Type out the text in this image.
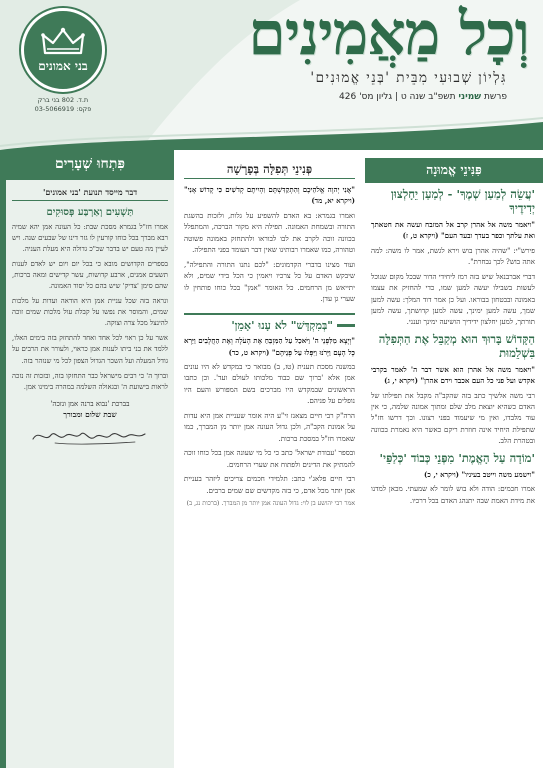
בני אמונים
ת.ד. 802 בני ברק
פקס: 03-5066919
וְכָל מַאֲמִינִים
גִּלְיוֹן שְׁבוּעִי מִבֵּית 'בְּנֵי אֱמוּנִים'
פרשת שמיני תשפ"ב שנה ט | גליון מס' 426
פִּנִּינֵי אֱמוּנָה
'עֲשֵׂה לְמַעַן שְׁמֶךָ' - לְמַעַן יֵחָלְצוּן יְדִידֶיךָ

"ויאמר משה אל אהרן קרב אל המזבח ועשה את חטאתך ואת עלתך וכפר בעדך ובעד העם" (ויקרא ט, ז)

פירש"י: "שהיה אהרן בוש וירא לגשת, אמר לו משה: למה אתה בוש? לכך נבחרת".

דברי אברבנאל שיש בזה רמז ליחידי הדור שבכל מקום שנוכל לעשות בשבילו יעשה למען שמו, כדי להחזיק את עצמו באמונה ובבטחון בבוראו. ועל כן אמר דוד המלך: עשה למען שמך, עשה למען ימינך, עשה למען קדושתך, עשה למען תורתך, למען יחלצון ידידיך הושיעה ימינך וענני.

הַקָּדוֹשׁ בָּרוּךְ הוּא מְקַבֵּל אֶת הַתְּפִלָּה בִּשְׁלֵמוּת

"ויאמר משה אל אהרן הוא אשר דבר ה' לאמר בקרבי אקדש ועל פני כל העם אכבד וידם אהרן" (ויקרא י, ג)

רבי משה אלשיך כתב בזה שהקב"ה מקבל את תפילתו של האדם כשהיא יוצאת מלב שלם ומתוך אמונה שלמה, כי אין עוד מלבדו, ואין מי שיעמוד בפני רצונו. וכך דרשו חז"ל שתפילת היחיד אינה חוזרת ריקם כאשר היא נאמרת בכוונה ובטהרת הלב.

'מוֹדָה עַל הָאֱמֶת' מִפְּנֵי כְּבוֹד 'כְּלַפֵּי'

"וישמע משה וייטב בעיניו" (ויקרא י, כ)

אמרו חכמים: הודה ולא בוש לומר לא שמעתי. מכאן למדנו את מידת האמת שבה יתנהג האדם בכל דרכיו.

פְּנִינֵי תְּפִלָּה בְּפָרָשָׁה

"אֲנִי יְהוָה אֱלֹהֵיכֶם וְהִתְקַדִּשְׁתֶּם וִהְיִיתֶם קְדֹשִׁים כִּי קָדוֹשׁ אָנִי" (ויקרא יא, מד)

ואמרו בגמרא: בא האדם להשפיע על גלות, ולזכות בהשגת התורה ובשמחת האמונה. תפילה היא מקור הברכה, והמתפלל בכוונה זוכה לקרב את לבו לבוראו ולהתחזק באמונה פשוטה וטהורה, כמו שאמרו רבותינו שאין דבר העומד בפני התפילה.

ועוד מצינו בדברי הקדמונים: "לכם נתנו התורה והתפילה", שיבקש האדם על כל צרכיו ויאמין כי הכל בידי שמים, ולא יתייאש מן הרחמים. כל האומר "אמן" בכל כוחו פותחין לו שערי גן עדן.

"בְּמִקְדָּשׁ" לֹא עָנוּ 'אָמֵן'

"וְיָצָא מִלִּפְנֵי ה' וַיֹּאכַל עַל הַמִּזְבֵּחַ אֶת הָעֹלָה וְאֶת הַחֲלָבִים וַיַּרְא כָּל הָעָם וַיָּרֹנּוּ וַיִּפְּלוּ עַל פְּנֵיהֶם" (ויקרא ט, כד)

במשנה מסכת תענית (טז, ב) מבואר כי במקדש לא היו עונים אמן אלא 'ברוך שם כבוד מלכותו לעולם ועד'. וכן כתבו הראשונים שבמקדש היו מברכים בשם המפורש והעם היו נופלים על פניהם.

הרה"ק רבי חיים מצאנז זי"ע היה אומר שעניית אמן היא עדות על אמונת הקב"ה, ולכן גדול העונה אמן יותר מן המברך, כמו שאמרו חז"ל במסכת ברכות.

ובספר 'עבודת ישראל' כתב כי כל מי שעונה אמן בכל כוחו זוכה להמתיק את הדינים ולפתוח את שערי הרחמים.

רבי חיים פלאג'י כתב: תלמידי חכמים צריכים ליזהר בעניית אמן יותר מכל אדם, כי בזה מקדשים שם שמים ברבים.

אמר רבי יהושע בן לוי: גדול העונה אמן יותר מן המברך. (ברכות נג, ב)

פִּתְחוּ שְׁעָרִים
דבר מייסד תנועת 'בני אמונים'
תַּשְׁעִים וְאַרְבַּע פְּסוּקִים

אמרו חז"ל בגמרא מסכת שבת: כל העונה אמן יהא שמיה רבא מברך בכל כוחו קורעין לו גזר דינו של שבעים שנה. ויש לעיין מה טעם יש בדבר שכ"כ גדולה היא מעלת העניה.

בספרים הקדושים מובא כי בכל יום ויום יש לאדם לענות תשעים אמנים, ארבע קדושות, עשר קדישים ומאה ברכות, שהם סימן 'צדיק' שיש בהם כל יסוד האמונה.

ונראה בזה שכל עניית אמן היא הודאה ועדות על מלכות שמים, והמוסר את נפשו על קבלת עול מלכות שמים זוכה להינצל מכל צרה וצוקה.

אשר על כן ראוי לכל אחד ואחד להתחזק בזה בימים האלו, ללמד את בני ביתו לענות אמן כראוי, ולעורר את הרבים על גודל המעלה ועל השכר הגדול הצפון לכל מי שנזהר בזה.

וברוך ה' כי רבים מישראל כבר התחזקו בזה, ובזכות זה נזכה לראות בישועת ה' ובגאולה השלמה במהרה בימינו אמן.

בברכת 'נבוא ברנה אמן ונזכה'
שבת שלום ומבורך
